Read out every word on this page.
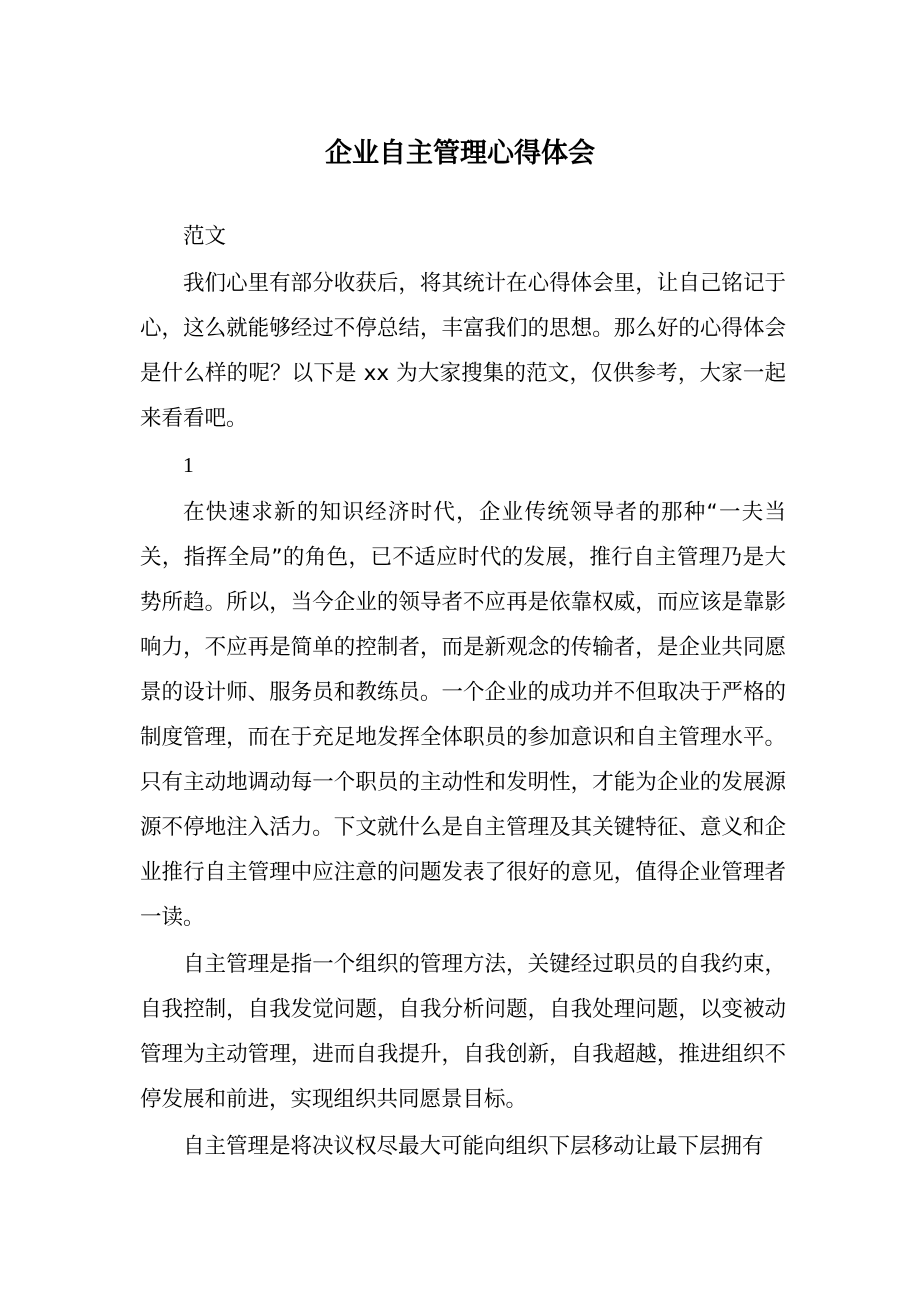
企业自主管理心得体会

范文

我们心里有部分收获后，将其统计在心得体会里，让自己铭记于心，这么就能够经过不停总结，丰富我们的思想。那么好的心得体会是什么样的呢？以下是 xx 为大家搜集的范文，仅供参考，大家一起来看看吧。

1

在快速求新的知识经济时代，企业传统领导者的那种“一夫当关，指挥全局”的角色，已不适应时代的发展，推行自主管理乃是大势所趋。所以，当今企业的领导者不应再是依靠权威，而应该是靠影响力，不应再是简单的控制者，而是新观念的传输者，是企业共同愿景的设计师、服务员和教练员。一个企业的成功并不但取决于严格的制度管理，而在于充足地发挥全体职员的参加意识和自主管理水平。只有主动地调动每一个职员的主动性和发明性，才能为企业的发展源源不停地注入活力。下文就什么是自主管理及其关键特征、意义和企业推行自主管理中应注意的问题发表了很好的意见，值得企业管理者一读。

自主管理是指一个组织的管理方法，关键经过职员的自我约束，自我控制，自我发觉问题，自我分析问题，自我处理问题，以变被动管理为主动管理，进而自我提升，自我创新，自我超越，推进组织不停发展和前进，实现组织共同愿景目标。

自主管理是将决议权尽最大可能向组织下层移动让最下层拥有
